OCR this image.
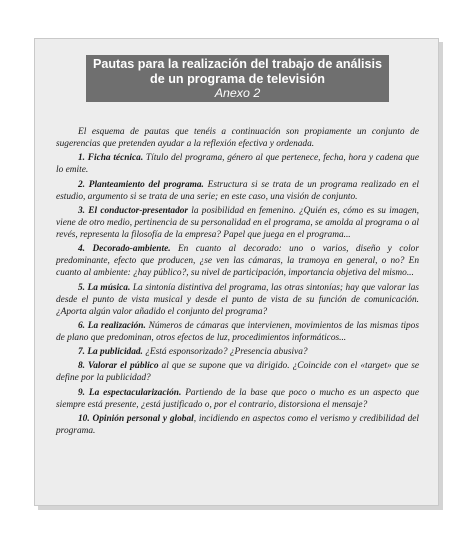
Pautas para la realización del trabajo de análisis
de un programa de televisión
Anexo 2

El esquema de pautas que tenéis a continuación son propiamente un conjunto de sugerencias que pretenden ayudar a la reflexión efectiva y ordenada.

1. Ficha técnica. Título del programa, género al que pertenece, fecha, hora y cadena que lo emite.

2. Planteamiento del programa. Estructura si se trata de un programa realizado en el estudio, argumento si se trata de una serie; en este caso, una visión de conjunto.

3. El conductor-presentador la posibilidad en femenino. ¿Quién es, cómo es su imagen, viene de otro medio, pertinencia de su personalidad en el programa, se amolda al programa o al revés, representa la filosofía de la empresa? Papel que juega en el programa...

4. Decorado-ambiente. En cuanto al decorado: uno o varios, diseño y color predominante, efecto que producen, ¿se ven las cámaras, la tramoya en general, o no? En cuanto al ambiente: ¿hay público?, su nivel de participación, importancia objetiva del mismo...

5. La música. La sintonía distintiva del programa, las otras sintonías; hay que valorar las desde el punto de vista musical y desde el punto de vista de su función de comunicación. ¿Aporta algún valor añadido el conjunto del programa?

6. La realización. Números de cámaras que intervienen, movimientos de las mismas tipos de plano que predominan, otros efectos de luz, procedimientos informáticos...

7. La publicidad. ¿Está esponsorizado? ¿Presencia abusiva?

8. Valorar el público al que se supone que va dirigido. ¿Coincide con el «target» que se define por la publicidad?

9. La espectacularización. Partiendo de la base que poco o mucho es un aspecto que siempre está presente, ¿está justificado o, por el contrario, distorsiona el mensaje?

10. Opinión personal y global, incidiendo en aspectos como el verismo y credibilidad del programa.
